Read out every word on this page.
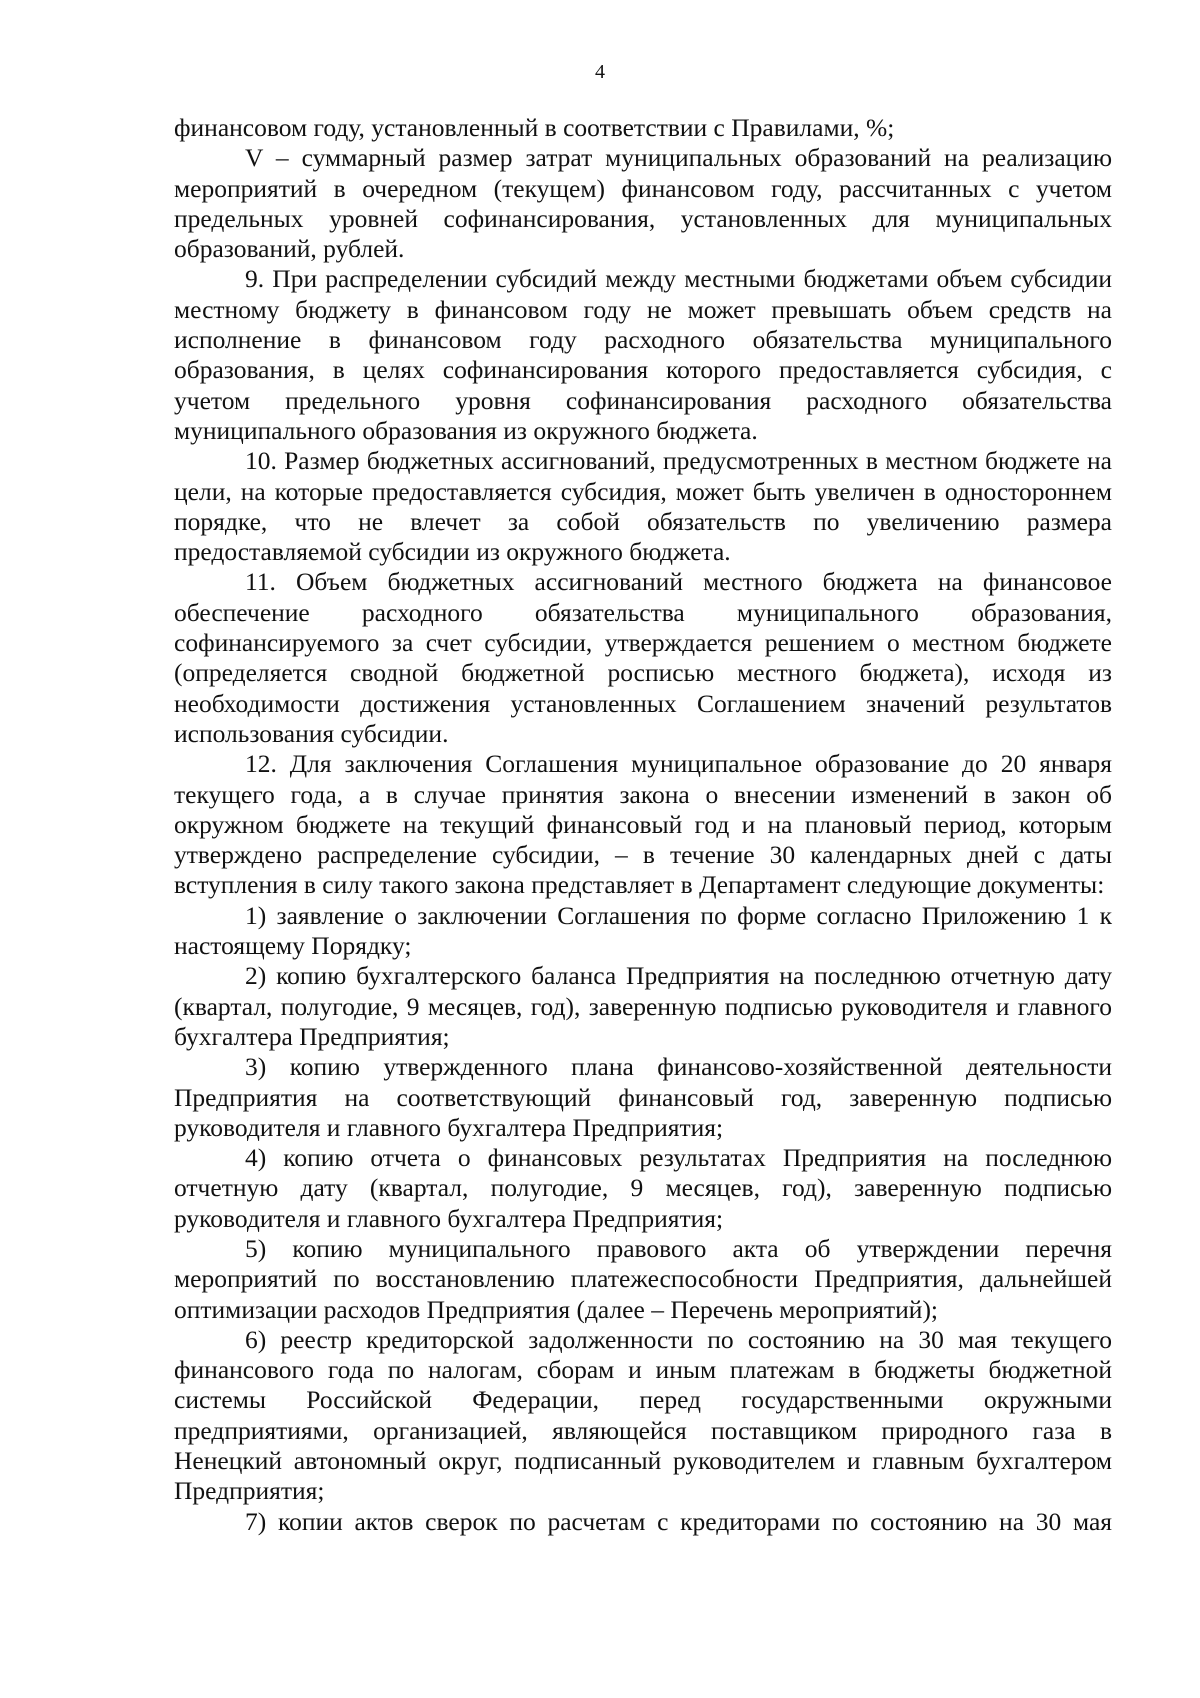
4

финансовом году, установленный в соответствии с Правилами, %;

V – суммарный размер затрат муниципальных образований на реализацию мероприятий в очередном (текущем) финансовом году, рассчитанных с учетом предельных уровней софинансирования, установленных для муниципальных образований, рублей.

9. При распределении субсидий между местными бюджетами объем субсидии местному бюджету в финансовом году не может превышать объем средств на исполнение в финансовом году расходного обязательства муниципального образования, в целях софинансирования которого предоставляется субсидия, с учетом предельного уровня софинансирования расходного обязательства муниципального образования из окружного бюджета.

10. Размер бюджетных ассигнований, предусмотренных в местном бюджете на цели, на которые предоставляется субсидия, может быть увеличен в одностороннем порядке, что не влечет за собой обязательств по увеличению размера предоставляемой субсидии из окружного бюджета.

11. Объем бюджетных ассигнований местного бюджета на финансовое обеспечение расходного обязательства муниципального образования, софинансируемого за счет субсидии, утверждается решением о местном бюджете (определяется сводной бюджетной росписью местного бюджета), исходя из необходимости достижения установленных Соглашением значений результатов использования субсидии.

12. Для заключения Соглашения муниципальное образование до 20 января текущего года, а в случае принятия закона о внесении изменений в закон об окружном бюджете на текущий финансовый год и на плановый период, которым утверждено распределение субсидии, – в течение 30 календарных дней с даты вступления в силу такого закона представляет в Департамент следующие документы:

1) заявление о заключении Соглашения по форме согласно Приложению 1 к настоящему Порядку;

2) копию бухгалтерского баланса Предприятия на последнюю отчетную дату (квартал, полугодие, 9 месяцев, год), заверенную подписью руководителя и главного бухгалтера Предприятия;

3) копию утвержденного плана финансово-хозяйственной деятельности Предприятия на соответствующий финансовый год, заверенную подписью руководителя и главного бухгалтера Предприятия;

4) копию отчета о финансовых результатах Предприятия на последнюю отчетную дату (квартал, полугодие, 9 месяцев, год), заверенную подписью руководителя и главного бухгалтера Предприятия;

5) копию муниципального правового акта об утверждении перечня мероприятий по восстановлению платежеспособности Предприятия, дальнейшей оптимизации расходов Предприятия (далее – Перечень мероприятий);

6) реестр кредиторской задолженности по состоянию на 30 мая текущего финансового года по налогам, сборам и иным платежам в бюджеты бюджетной системы Российской Федерации, перед государственными окружными предприятиями, организацией, являющейся поставщиком природного газа в Ненецкий автономный округ, подписанный руководителем и главным бухгалтером Предприятия;

7) копии актов сверок по расчетам с кредиторами по состоянию на 30 мая
